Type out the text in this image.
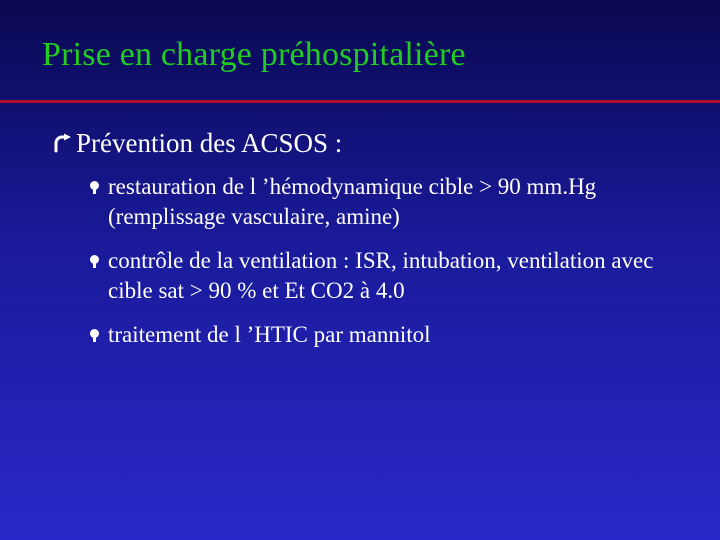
Prise en charge préhospitalière
Prévention des ACSOS :
restauration de l ’hémodynamique cible > 90 mm.Hg (remplissage vasculaire, amine)
contrôle de la ventilation : ISR, intubation, ventilation avec cible sat > 90 % et Et CO2 à 4.0
traitement de l ’HTIC par mannitol
